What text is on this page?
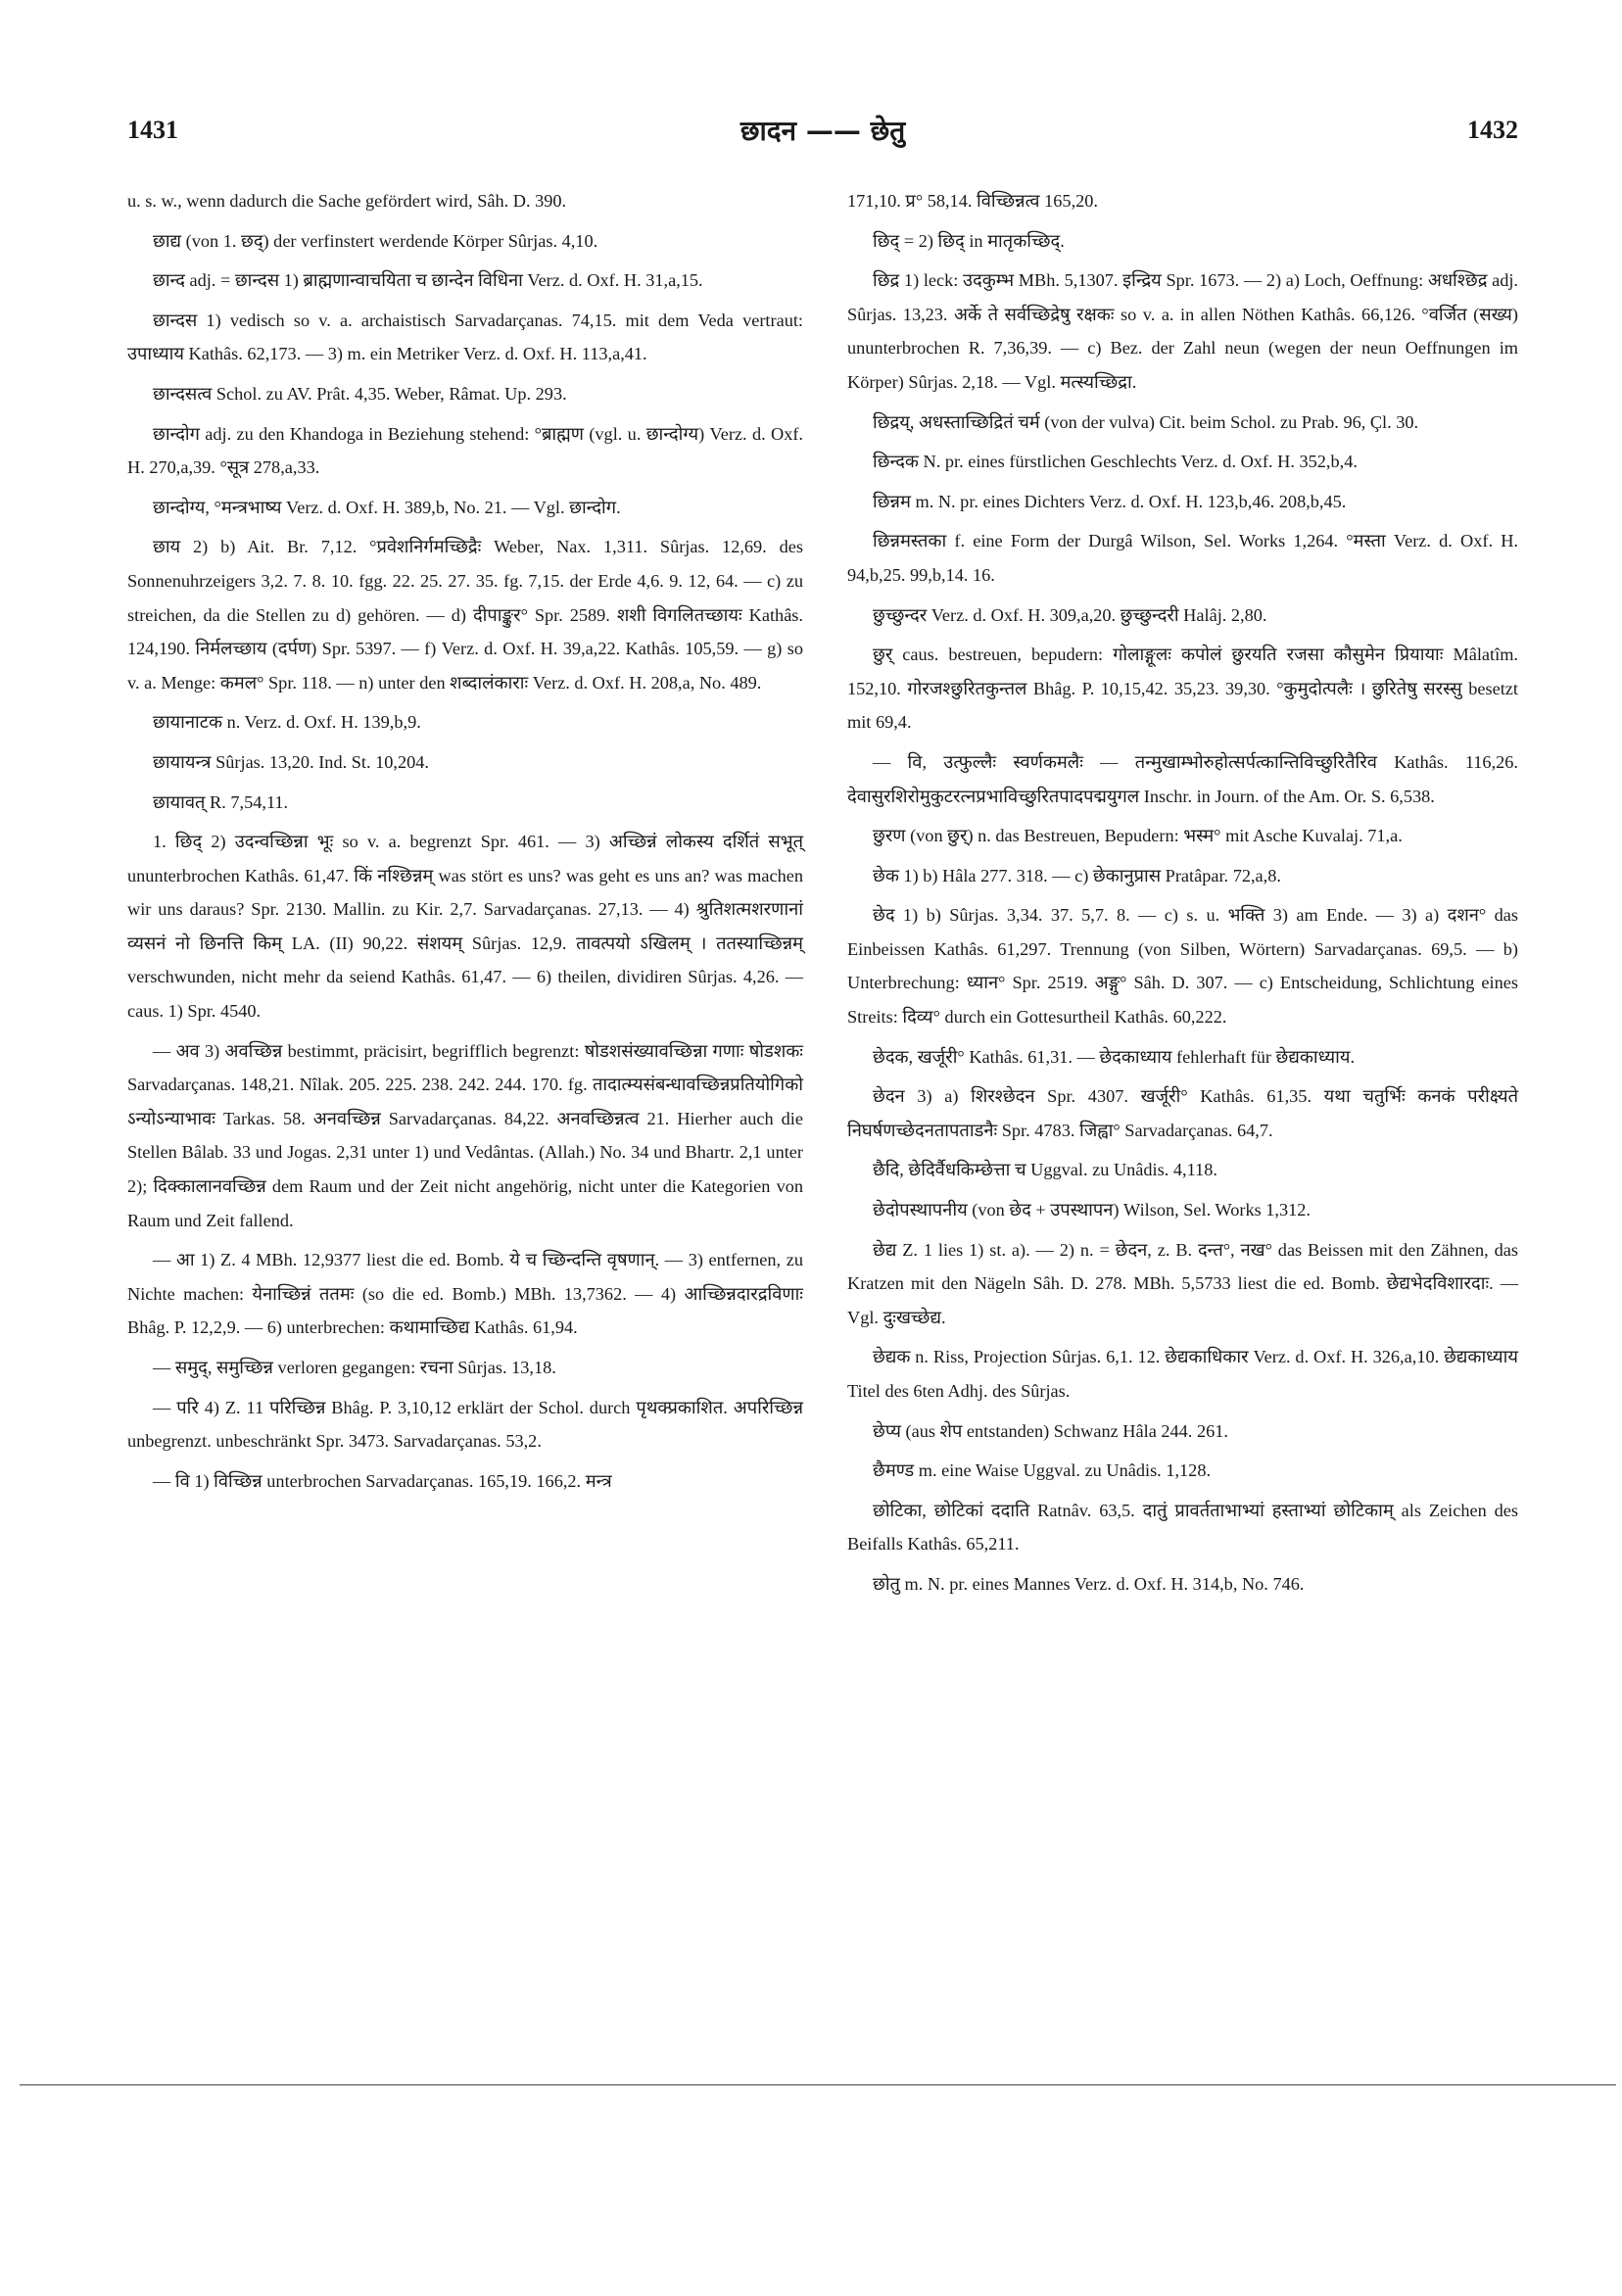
1431	छादन —— छेतु	1432

u. s. w., wenn dadurch die Sache gefördert wird, Sâh. D. 390.

छाद्य (von 1. छद्) der verfinstert werdende Körper Sûrjas. 4,10.

छान्द adj. = छान्दस 1) ब्राह्मणान्वाचयिता च छान्देन विधिना Verz. d. Oxf. H. 31,a,15.

छान्दस 1) vedisch so v. a. archaistisch Sarvadarçanas. 74,15. mit dem Veda vertraut: उपाध्याय Kathâs. 62,173. — 3) m. ein Metriker Verz. d. Oxf. H. 113,a,41.

छान्दसत्व Schol. zu AV. Prât. 4,35. Weber, Râmat. Up. 293.

छान्दोग adj. zu den Khandoga in Beziehung stehend: °ब्राह्मण (vgl. u. छान्दोग्य) Verz. d. Oxf. H. 270,a,39. °सूत्र 278,a,33.

छान्दोग्य, °मन्त्रभाष्य Verz. d. Oxf. H. 389,b, No. 21. — Vgl. छान्दोग.

छाय 2) b) Ait. Br. 7,12. °प्रवेशनिर्गमच्छिद्रैः Weber, Nax. 1,311. Sûrjas. 12,69. des Sonnenuhrzeigers 3,2. 7. 8. 10. fgg. 22. 25. 27. 35. fg. 7,15. der Erde 4,6. 9. 12, 64. — c) zu streichen, da die Stellen zu d) gehören. — d) दीपाङ्कुर° Spr. 2589. शशी विगलितच्छायः Kathâs. 124,190. निर्मलच्छाय (दर्पण) Spr. 5397. — f) Verz. d. Oxf. H. 39,a,22. Kathâs. 105,59. — g) so v. a. Menge: कमल° Spr. 118. — n) unter den शब्दालंकाराः Verz. d. Oxf. H. 208,a, No. 489.

छायानाटक n. Verz. d. Oxf. H. 139,b,9.

छायायन्त्र Sûrjas. 13,20. Ind. St. 10,204.

छायावत् R. 7,54,11.

1. छिद् 2) उदन्वच्छिन्ना भूः so v. a. begrenzt Spr. 461. — 3) अच्छिन्नं लोकस्य दर्शितं सभूत् ununterbrochen Kathâs. 61,47. किं नश्छिन्नम् was stört es uns? was geht es uns an? was machen wir uns daraus? Spr. 2130. Mallin. zu Kir. 2,7. Sarvadarçanas. 27,13. — 4) श्रुतिशत्मशरणानां व्यसनं नो छिनत्ति किम् LA. (II) 90,22. संशयम् Sûrjas. 12,9. तावत्पयो ऽखिलम् । ततस्याच्छिन्नम् verschwunden, nicht mehr da seiend Kathâs. 61,47. — 6) theilen, dividiren Sûrjas. 4,26. — caus. 1) Spr. 4540.

— अव 3) अवच्छिन्न bestimmt, präcisirt, begrifflich begrenzt: षोडशसंख्यावच्छिन्ना गणाः षोडशकः Sarvadarçanas. 148,21. Nîlak. 205. 225. 238. 242. 244. 170. fg. तादात्म्यसंबन्धावच्छिन्नप्रतियोगिको ऽन्योऽन्याभावः Tarkas. 58. अनवच्छिन्न Sarvadarçanas. 84,22. अनवच्छिन्नत्व 21. Hierher auch die Stellen Bâlab. 33 und Jogas. 2,31 unter 1) und Vedântas. (Allah.) No. 34 und Bhartr. 2,1 unter 2); दिक्कालानवच्छिन्न dem Raum und der Zeit nicht angehörig, nicht unter die Kategorien von Raum und Zeit fallend.

— आ 1) Z. 4 MBh. 12,9377 liest die ed. Bomb. ये च च्छिन्दन्ति वृषणान्. — 3) entfernen, zu Nichte machen: येनाच्छिन्नं ततमः (so die ed. Bomb.) MBh. 13,7362. — 4) आच्छिन्नदारद्रविणाः Bhâg. P. 12,2,9. — 6) unterbrechen: कथामाच्छिद्य Kathâs. 61,94.

— समुद्, समुच्छिन्न verloren gegangen: रचना Sûrjas. 13,18.

— परि 4) Z. 11 परिच्छिन्न Bhâg. P. 3,10,12 erklärt der Schol. durch पृथक्प्रकाशित. अपरिच्छिन्न unbegrenzt. unbeschränkt Spr. 3473. Sarvadarçanas. 53,2.

— वि 1) विच्छिन्न unterbrochen Sarvadarçanas. 165,19. 166,2. मन्त्र

171,10. प्र° 58,14. विच्छिन्नत्व 165,20.

छिद् = 2) छिद् in मातृकच्छिद्.

छिद्र 1) leck: उदकुम्भ MBh. 5,1307. इन्द्रिय Spr. 1673. — 2) a) Loch, Oeffnung: अधश्छिद्र adj. Sûrjas. 13,23. अर्के ते सर्वच्छिद्रेषु रक्षकः so v. a. in allen Nöthen Kathâs. 66,126. °वर्जित (सख्य) ununterbrochen R. 7,36,39. — c) Bez. der Zahl neun (wegen der neun Oeffnungen im Körper) Sûrjas. 2,18. — Vgl. मत्स्यच्छिद्रा.

छिद्रय्, अधस्ताच्छिद्रितं चर्म (von der vulva) Cit. beim Schol. zu Prab. 96, Çl. 30.

छिन्दक N. pr. eines fürstlichen Geschlechts Verz. d. Oxf. H. 352,b,4.

छिन्नम m. N. pr. eines Dichters Verz. d. Oxf. H. 123,b,46. 208,b,45.

छिन्नमस्तका f. eine Form der Durgâ Wilson, Sel. Works 1,264. °मस्ता Verz. d. Oxf. H. 94,b,25. 99,b,14. 16.

छुच्छुन्दर Verz. d. Oxf. H. 309,a,20. छुच्छुन्दरी Halâj. 2,80.

छुर् caus. bestreuen, bepudern: गोलाङ्गूलः कपोलं छुरयति रजसा कौसुमेन प्रियायाः Mâlatîm. 152,10. गोरजश्छुरितकुन्तल Bhâg. P. 10,15,42. 35,23. 39,30. °कुमुदोत्पलैः । छुरितेषु सरस्सु besetzt mit 69,4.

— वि, उत्फुल्लैः स्वर्णकमलैः — तन्मुखाम्भोरुहोत्सर्पत्कान्तिविच्छुरितैरिव Kathâs. 116,26. देवासुरशिरोमुकुटरत्नप्रभाविच्छुरितपादपद्मयुगल Inschr. in Journ. of the Am. Or. S. 6,538.

छुरण (von छुर्) n. das Bestreuen, Bepudern: भस्म° mit Asche Kuvalaj. 71,a.

छेक 1) b) Hâla 277. 318. — c) छेकानुप्रास Pratâpar. 72,a,8.

छेद 1) b) Sûrjas. 3,34. 37. 5,7. 8. — c) s. u. भक्ति 3) am Ende. — 3) a) दशन° das Einbeissen Kathâs. 61,297. Trennung (von Silben, Wörtern) Sarvadarçanas. 69,5. — b) Unterbrechung: ध्यान° Spr. 2519. अङ्गु° Sâh. D. 307. — c) Entscheidung, Schlichtung eines Streits: दिव्य° durch ein Gottesurtheil Kathâs. 60,222.

छेदक, खर्जूरी° Kathâs. 61,31. — छेदकाध्याय fehlerhaft für छेद्यकाध्याय.

छेदन 3) a) शिरश्छेदन Spr. 4307. खर्जूरी° Kathâs. 61,35. यथा चतुर्भिः कनकं परीक्ष्यते निघर्षणच्छेदनतापताडनैः Spr. 4783. जिह्वा° Sarvadarçanas. 64,7.

छैदि, छेदिर्वैधकिम्छेत्ता च Uggval. zu Unâdis. 4,118.

छेदोपस्थापनीय (von छेद + उपस्थापन) Wilson, Sel. Works 1,312.

छेद्य Z. 1 lies 1) st. a). — 2) n. = छेदन, z. B. दन्त°, नख° das Beissen mit den Zähnen, das Kratzen mit den Nägeln Sâh. D. 278. MBh. 5,5733 liest die ed. Bomb. छेद्यभेदविशारदाः. — Vgl. दुःखच्छेद्य.

छेद्यक n. Riss, Projection Sûrjas. 6,1. 12. छेद्यकाधिकार Verz. d. Oxf. H. 326,a,10. छेद्यकाध्याय Titel des 6ten Adhj. des Sûrjas.

छेप्य (aus शेप entstanden) Schwanz Hâla 244. 261.

छैमण्ड m. eine Waise Uggval. zu Unâdis. 1,128.

छोटिका, छोटिकां ददाति Ratnâv. 63,5. दातुं प्रावर्तताभाभ्यां हस्ताभ्यां छोटिकाम् als Zeichen des Beifalls Kathâs. 65,211.

छोतु m. N. pr. eines Mannes Verz. d. Oxf. H. 314,b, No. 746.
